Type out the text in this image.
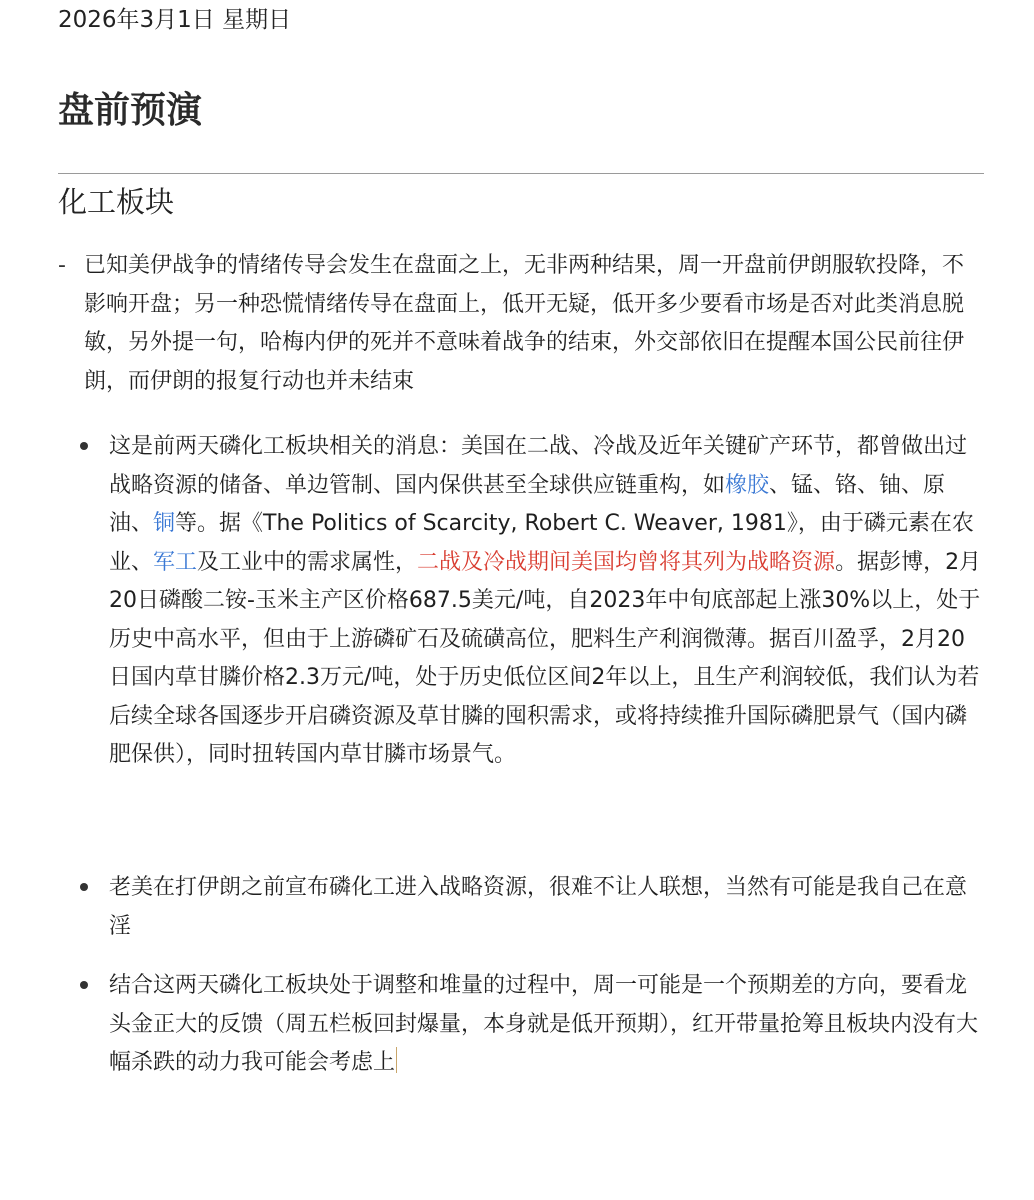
2026年3月1日 星期日
盘前预演
化工板块
- 已知美伊战争的情绪传导会发生在盘面之上，无非两种结果，周一开盘前伊朗服软投降，不影响开盘；另一种恐慌情绪传导在盘面上，低开无疑，低开多少要看市场是否对此类消息脱敏，另外提一句，哈梅内伊的死并不意味着战争的结束，外交部依旧在提醒本国公民前往伊朗，而伊朗的报复行动也并未结束
这是前两天磷化工板块相关的消息：美国在二战、冷战及近年关键矿产环节，都曾做出过战略资源的储备、单边管制、国内保供甚至全球供应链重构，如橡胶、锰、铬、铀、原油、铜等。据《The Politics of Scarcity, Robert C. Weaver, 1981》，由于磷元素在农业、军工及工业中的需求属性，二战及冷战期间美国均曾将其列为战略资源。据彭博，2月20日磷酸二铵-玉米主产区价格687.5美元/吨，自2023年中旬底部起上涨30%以上，处于历史中高水平，但由于上游磷矿石及硫磺高位，肥料生产利润微薄。据百川盈孚，2月20日国内草甘膦价格2.3万元/吨，处于历史低位区间2年以上，且生产利润较低，我们认为若后续全球各国逐步开启磷资源及草甘膦的囤积需求，或将持续推升国际磷肥景气（国内磷肥保供），同时扭转国内草甘膦市场景气。
老美在打伊朗之前宣布磷化工进入战略资源，很难不让人联想，当然有可能是我自己在意淫
结合这两天磷化工板块处于调整和堆量的过程中，周一可能是一个预期差的方向，要看龙头金正大的反馈（周五栏板回封爆量，本身就是低开预期），红开带量抢筹且板块内没有大幅杀跌的动力我可能会考虑上
